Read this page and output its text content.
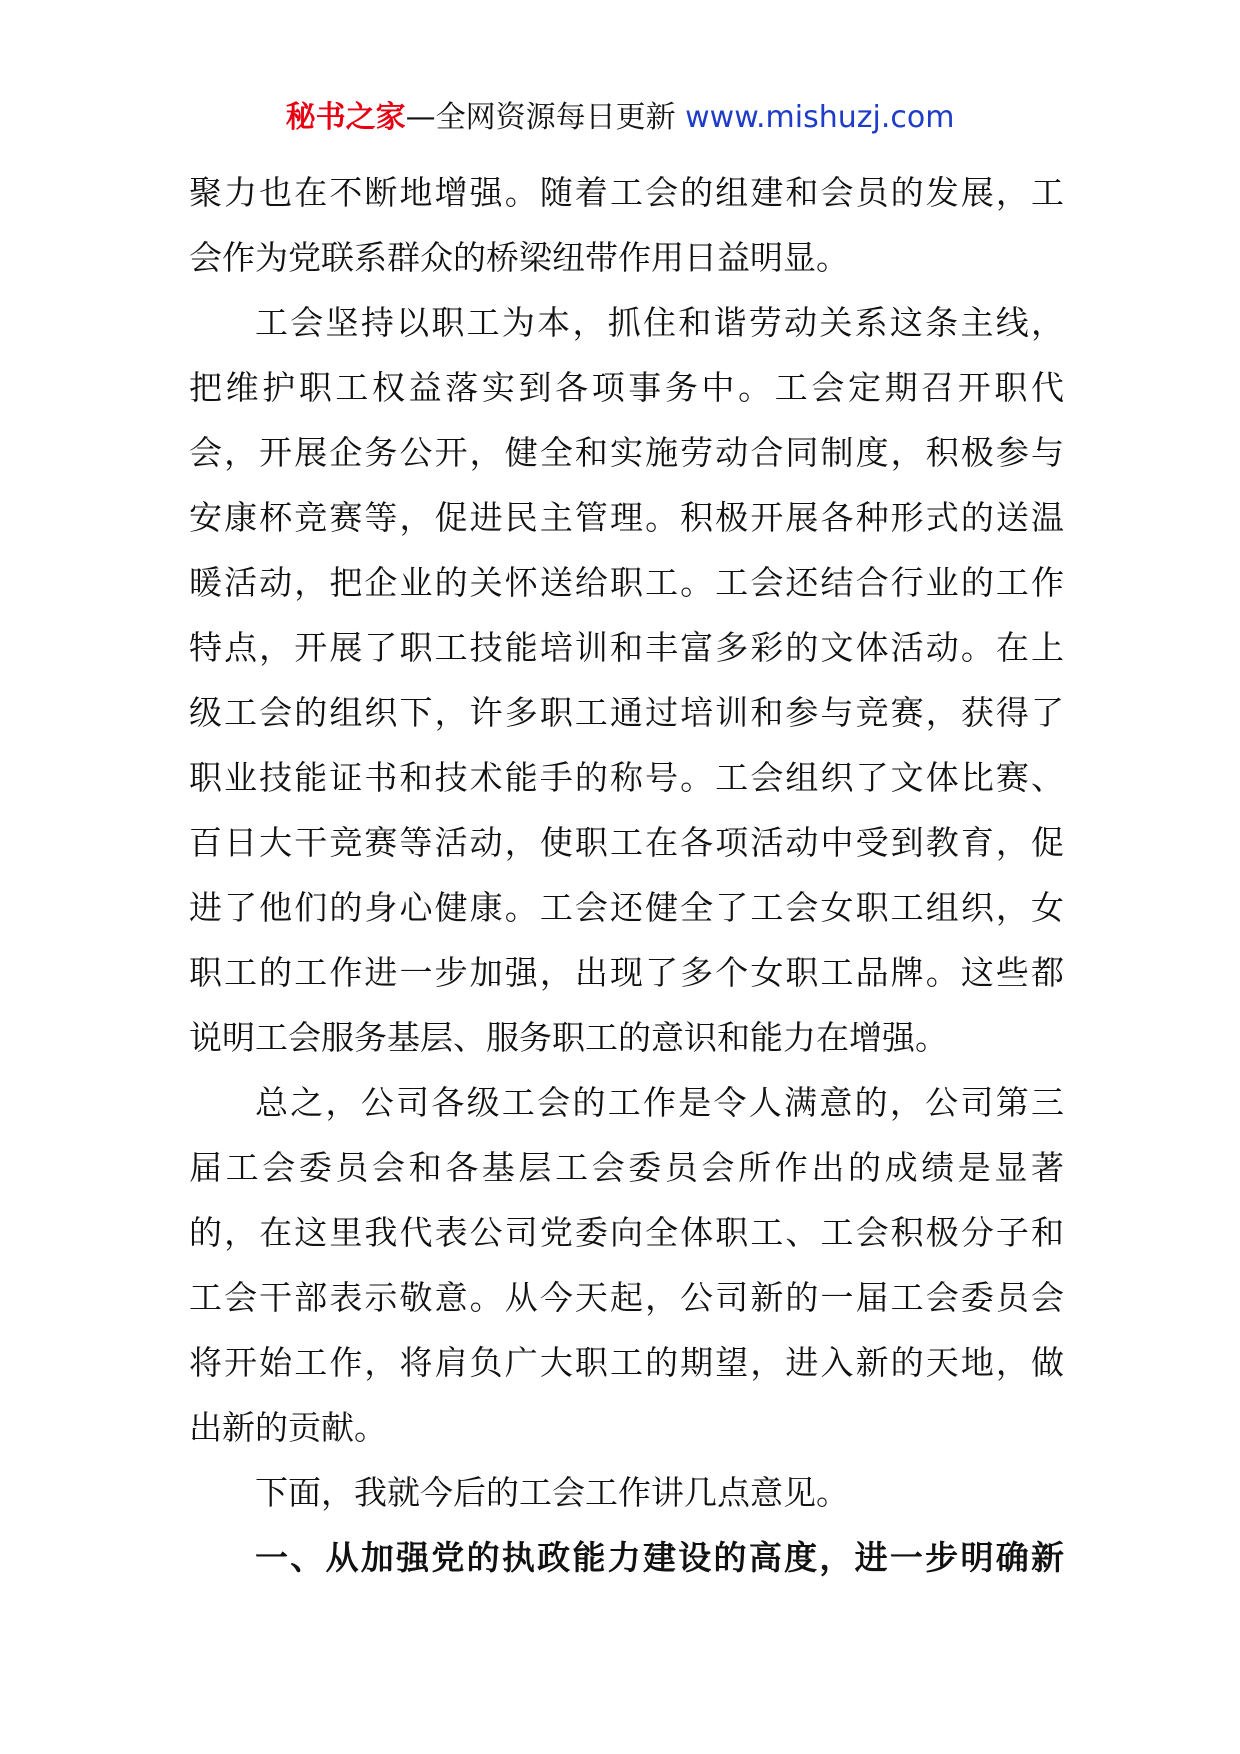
秘书之家—全网资源每日更新 www.mishuzj.com
聚力也在不断地增强。随着工会的组建和会员的发展，工
会作为党联系群众的桥梁纽带作用日益明显。
工会坚持以职工为本，抓住和谐劳动关系这条主线，
把维护职工权益落实到各项事务中。工会定期召开职代
会，开展企务公开，健全和实施劳动合同制度，积极参与
安康杯竞赛等，促进民主管理。积极开展各种形式的送温
暖活动，把企业的关怀送给职工。工会还结合行业的工作
特点，开展了职工技能培训和丰富多彩的文体活动。在上
级工会的组织下，许多职工通过培训和参与竞赛，获得了
职业技能证书和技术能手的称号。工会组织了文体比赛、
百日大干竞赛等活动，使职工在各项活动中受到教育，促
进了他们的身心健康。工会还健全了工会女职工组织，女
职工的工作进一步加强，出现了多个女职工品牌。这些都
说明工会服务基层、服务职工的意识和能力在增强。
总之，公司各级工会的工作是令人满意的，公司第三
届工会委员会和各基层工会委员会所作出的成绩是显著
的，在这里我代表公司党委向全体职工、工会积极分子和
工会干部表示敬意。从今天起，公司新的一届工会委员会
将开始工作，将肩负广大职工的期望，进入新的天地，做
出新的贡献。
下面，我就今后的工会工作讲几点意见。
一、从加强党的执政能力建设的高度，进一步明确新
